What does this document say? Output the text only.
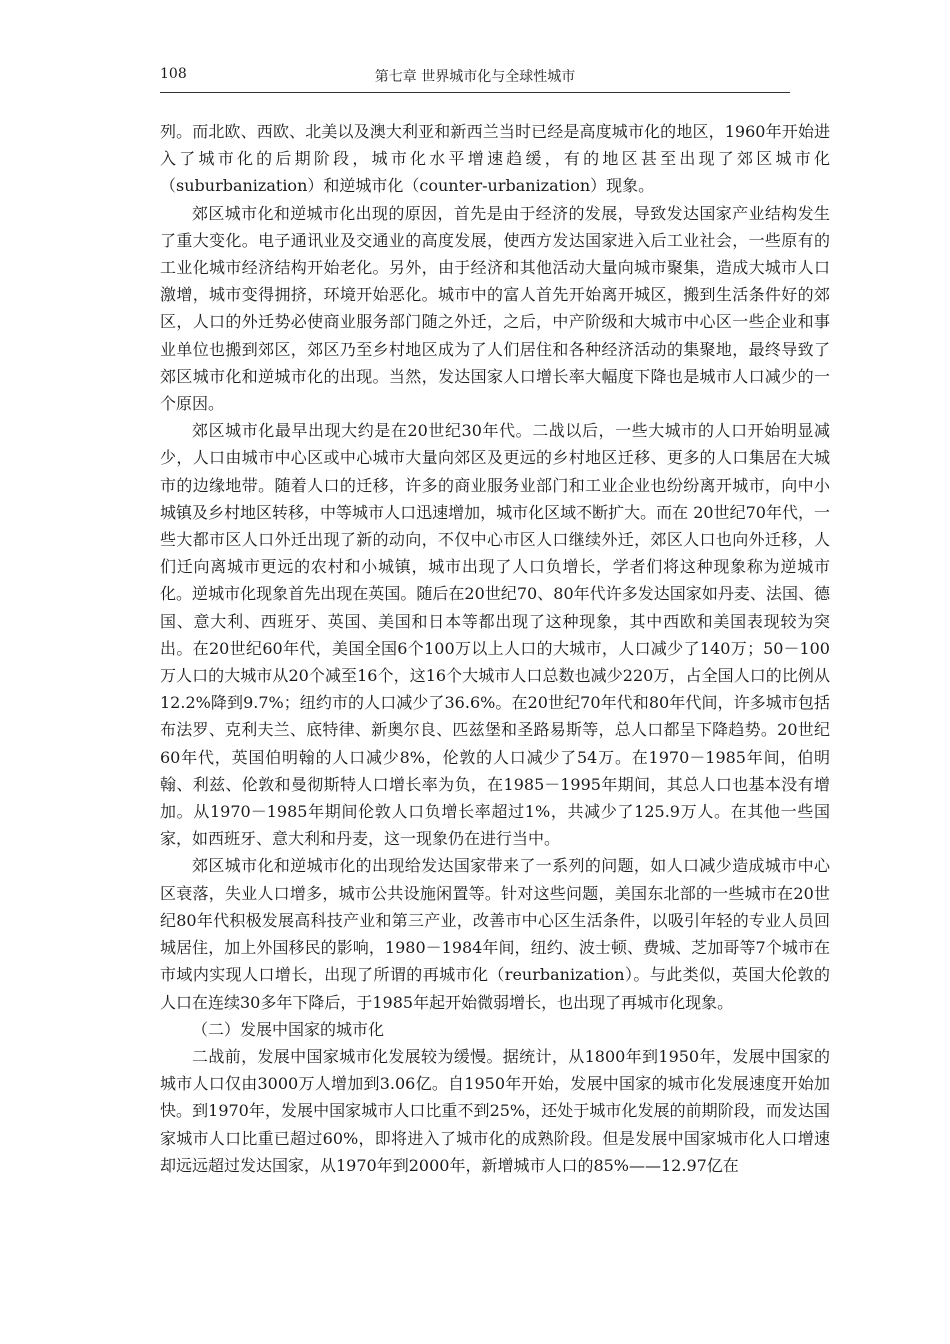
108	第七章 世界城市化与全球性城市

列。而北欧、西欧、北美以及澳大利亚和新西兰当时已经是高度城市化的地区，1960年开始进入了城市化的后期阶段，城市化水平增速趋缓，有的地区甚至出现了郊区城市化（suburbanization）和逆城市化（counter-urbanization）现象。

郊区城市化和逆城市化出现的原因，首先是由于经济的发展，导致发达国家产业结构发生了重大变化。电子通讯业及交通业的高度发展，使西方发达国家进入后工业社会，一些原有的工业化城市经济结构开始老化。另外，由于经济和其他活动大量向城市聚集，造成大城市人口激增，城市变得拥挤，环境开始恶化。城市中的富人首先开始离开城区，搬到生活条件好的郊区，人口的外迁势必使商业服务部门随之外迁，之后，中产阶级和大城市中心区一些企业和事业单位也搬到郊区，郊区乃至乡村地区成为了人们居住和各种经济活动的集聚地，最终导致了郊区城市化和逆城市化的出现。当然，发达国家人口增长率大幅度下降也是城市人口减少的一个原因。

郊区城市化最早出现大约是在20世纪30年代。二战以后，一些大城市的人口开始明显减少，人口由城市中心区或中心城市大量向郊区及更远的乡村地区迁移、更多的人口集居在大城市的边缘地带。随着人口的迁移，许多的商业服务业部门和工业企业也纷纷离开城市，向中小城镇及乡村地区转移，中等城市人口迅速增加，城市化区域不断扩大。而在 20世纪70年代，一些大都市区人口外迁出现了新的动向，不仅中心市区人口继续外迁，郊区人口也向外迁移，人们迁向离城市更远的农村和小城镇，城市出现了人口负增长，学者们将这种现象称为逆城市化。逆城市化现象首先出现在英国。随后在20世纪70、80年代许多发达国家如丹麦、法国、德国、意大利、西班牙、英国、美国和日本等都出现了这种现象，其中西欧和美国表现较为突出。在20世纪60年代，美国全国6个100万以上人口的大城市，人口减少了140万；50－100万人口的大城市从20个减至16个，这16个大城市人口总数也减少220万，占全国人口的比例从12.2%降到9.7%；纽约市的人口减少了36.6%。在20世纪70年代和80年代间，许多城市包括布法罗、克利夫兰、底特律、新奥尔良、匹兹堡和圣路易斯等，总人口都呈下降趋势。20世纪60年代，英国伯明翰的人口减少8%，伦敦的人口减少了54万。在1970－1985年间，伯明翰、利兹、伦敦和曼彻斯特人口增长率为负，在1985－1995年期间，其总人口也基本没有增加。从1970－1985年期间伦敦人口负增长率超过1%，共减少了125.9万人。在其他一些国家，如西班牙、意大利和丹麦，这一现象仍在进行当中。

郊区城市化和逆城市化的出现给发达国家带来了一系列的问题，如人口减少造成城市中心区衰落，失业人口增多，城市公共设施闲置等。针对这些问题，美国东北部的一些城市在20世纪80年代积极发展高科技产业和第三产业，改善市中心区生活条件，以吸引年轻的专业人员回城居住，加上外国移民的影响，1980－1984年间，纽约、波士顿、费城、芝加哥等7个城市在市域内实现人口增长，出现了所谓的再城市化（reurbanization）。与此类似，英国大伦敦的人口在连续30多年下降后，于1985年起开始微弱增长，也出现了再城市化现象。

（二）发展中国家的城市化

二战前，发展中国家城市化发展较为缓慢。据统计，从1800年到1950年，发展中国家的城市人口仅由3000万人增加到3.06亿。自1950年开始，发展中国家的城市化发展速度开始加快。到1970年，发展中国家城市人口比重不到25%，还处于城市化发展的前期阶段，而发达国家城市人口比重已超过60%，即将进入了城市化的成熟阶段。但是发展中国家城市化人口增速却远远超过发达国家，从1970年到2000年，新增城市人口的85%——12.97亿在
